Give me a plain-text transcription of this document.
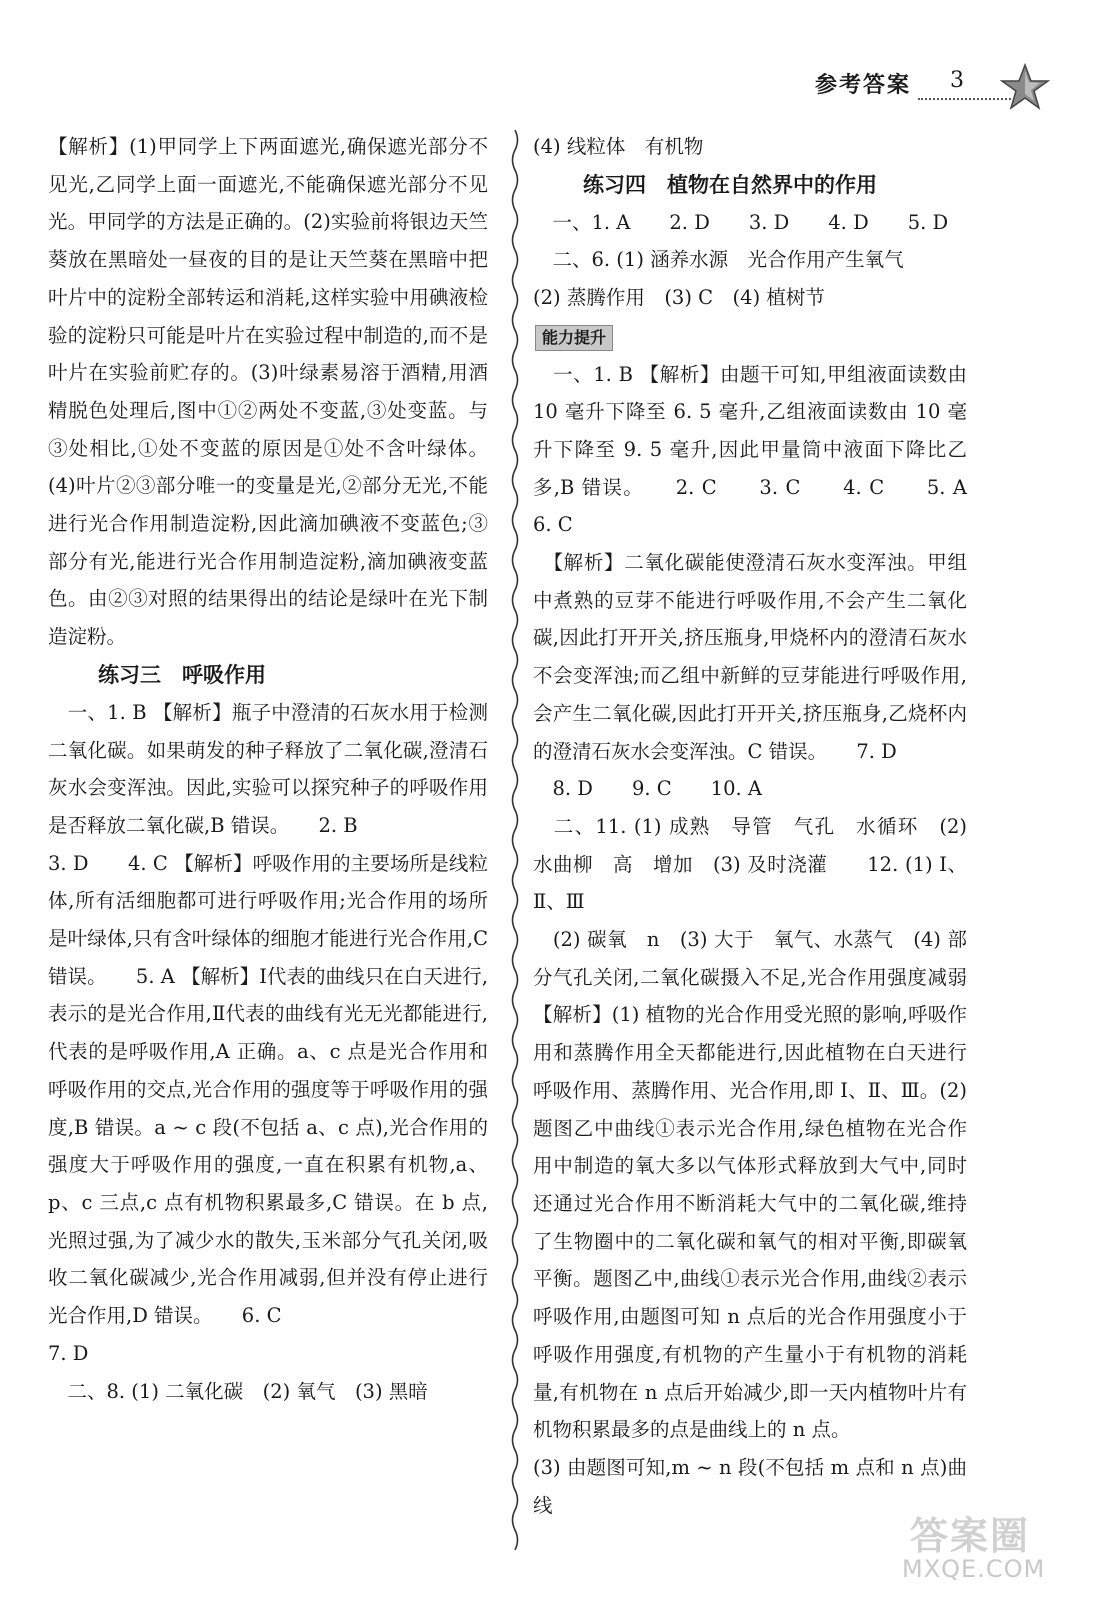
参考答案 3

【解析】(1)甲同学上下两面遮光,确保遮光部分不见光,乙同学上面一面遮光,不能确保遮光部分不见光。甲同学的方法是正确的。(2)实验前将银边天竺葵放在黑暗处一昼夜的目的是让天竺葵在黑暗中把叶片中的淀粉全部转运和消耗,这样实验中用碘液检验的淀粉只可能是叶片在实验过程中制造的,而不是叶片在实验前贮存的。(3)叶绿素易溶于酒精,用酒精脱色处理后,图中①②两处不变蓝,③处变蓝。与③处相比,①处不变蓝的原因是①处不含叶绿体。(4)叶片②③部分唯一的变量是光,②部分无光,不能进行光合作用制造淀粉,因此滴加碘液不变蓝色;③部分有光,能进行光合作用制造淀粉,滴加碘液变蓝色。由②③对照的结果得出的结论是绿叶在光下制造淀粉。

练习三　呼吸作用

　一、1. B 【解析】瓶子中澄清的石灰水用于检测二氧化碳。如果萌发的种子释放了二氧化碳,澄清石灰水会变浑浊。因此,实验可以探究种子的呼吸作用是否释放二氧化碳,B 错误。　　2. B

3. D　　4. C 【解析】呼吸作用的主要场所是线粒体,所有活细胞都可进行呼吸作用;光合作用的场所是叶绿体,只有含叶绿体的细胞才能进行光合作用,C 错误。　　5. A 【解析】Ⅰ代表的曲线只在白天进行,表示的是光合作用,Ⅱ代表的曲线有光无光都能进行,代表的是呼吸作用,A 正确。a、c 点是光合作用和呼吸作用的交点,光合作用的强度等于呼吸作用的强度,B 错误。a ~ c 段(不包括 a、c 点),光合作用的强度大于呼吸作用的强度,一直在积累有机物,a、p、c 三点,c 点有机物积累最多,C 错误。在 b 点,光照过强,为了减少水的散失,玉米部分气孔关闭,吸收二氧化碳减少,光合作用减弱,但并没有停止进行光合作用,D 错误。　　6. C

7. D

　二、8. (1) 二氧化碳　(2) 氧气　(3) 黑暗

(4) 线粒体　有机物

练习四　植物在自然界中的作用

　一、1. A　　2. D　　3. D　　4. D　　5. D

　二、6. (1) 涵养水源　光合作用产生氧气

(2) 蒸腾作用　(3) C　(4) 植树节

能力提升

　一、1. B 【解析】由题干可知,甲组液面读数由 10 毫升下降至 6. 5 毫升,乙组液面读数由 10 毫升下降至 9. 5 毫升,因此甲量筒中液面下降比乙多,B 错误。　　2. C　　3. C　　4. C　　5. A　　6. C

　【解析】二氧化碳能使澄清石灰水变浑浊。甲组中煮熟的豆芽不能进行呼吸作用,不会产生二氧化碳,因此打开开关,挤压瓶身,甲烧杯内的澄清石灰水不会变浑浊;而乙组中新鲜的豆芽能进行呼吸作用,会产生二氧化碳,因此打开开关,挤压瓶身,乙烧杯内的澄清石灰水会变浑浊。C 错误。　　7. D

　8. D　　9. C　　10. A

　二、11. (1) 成熟　导管　气孔　水循环　(2) 水曲柳　高　增加　(3) 及时浇灌　　12. (1) Ⅰ、Ⅱ、Ⅲ

　(2) 碳氧　n　(3) 大于　氧气、水蒸气　(4) 部分气孔关闭,二氧化碳摄入不足,光合作用强度减弱 【解析】(1) 植物的光合作用受光照的影响,呼吸作用和蒸腾作用全天都能进行,因此植物在白天进行呼吸作用、蒸腾作用、光合作用,即 Ⅰ、Ⅱ、Ⅲ。(2) 题图乙中曲线①表示光合作用,绿色植物在光合作用中制造的氧大多以气体形式释放到大气中,同时还通过光合作用不断消耗大气中的二氧化碳,维持了生物圈中的二氧化碳和氧气的相对平衡,即碳氧平衡。题图乙中,曲线①表示光合作用,曲线②表示呼吸作用,由题图可知 n 点后的光合作用强度小于呼吸作用强度,有机物的产生量小于有机物的消耗量,有机物在 n 点后开始减少,即一天内植物叶片有机物积累最多的点是曲线上的 n 点。

(3) 由题图可知,m ~ n 段(不包括 m 点和 n 点)曲线

答案圈
MXQE.COM
